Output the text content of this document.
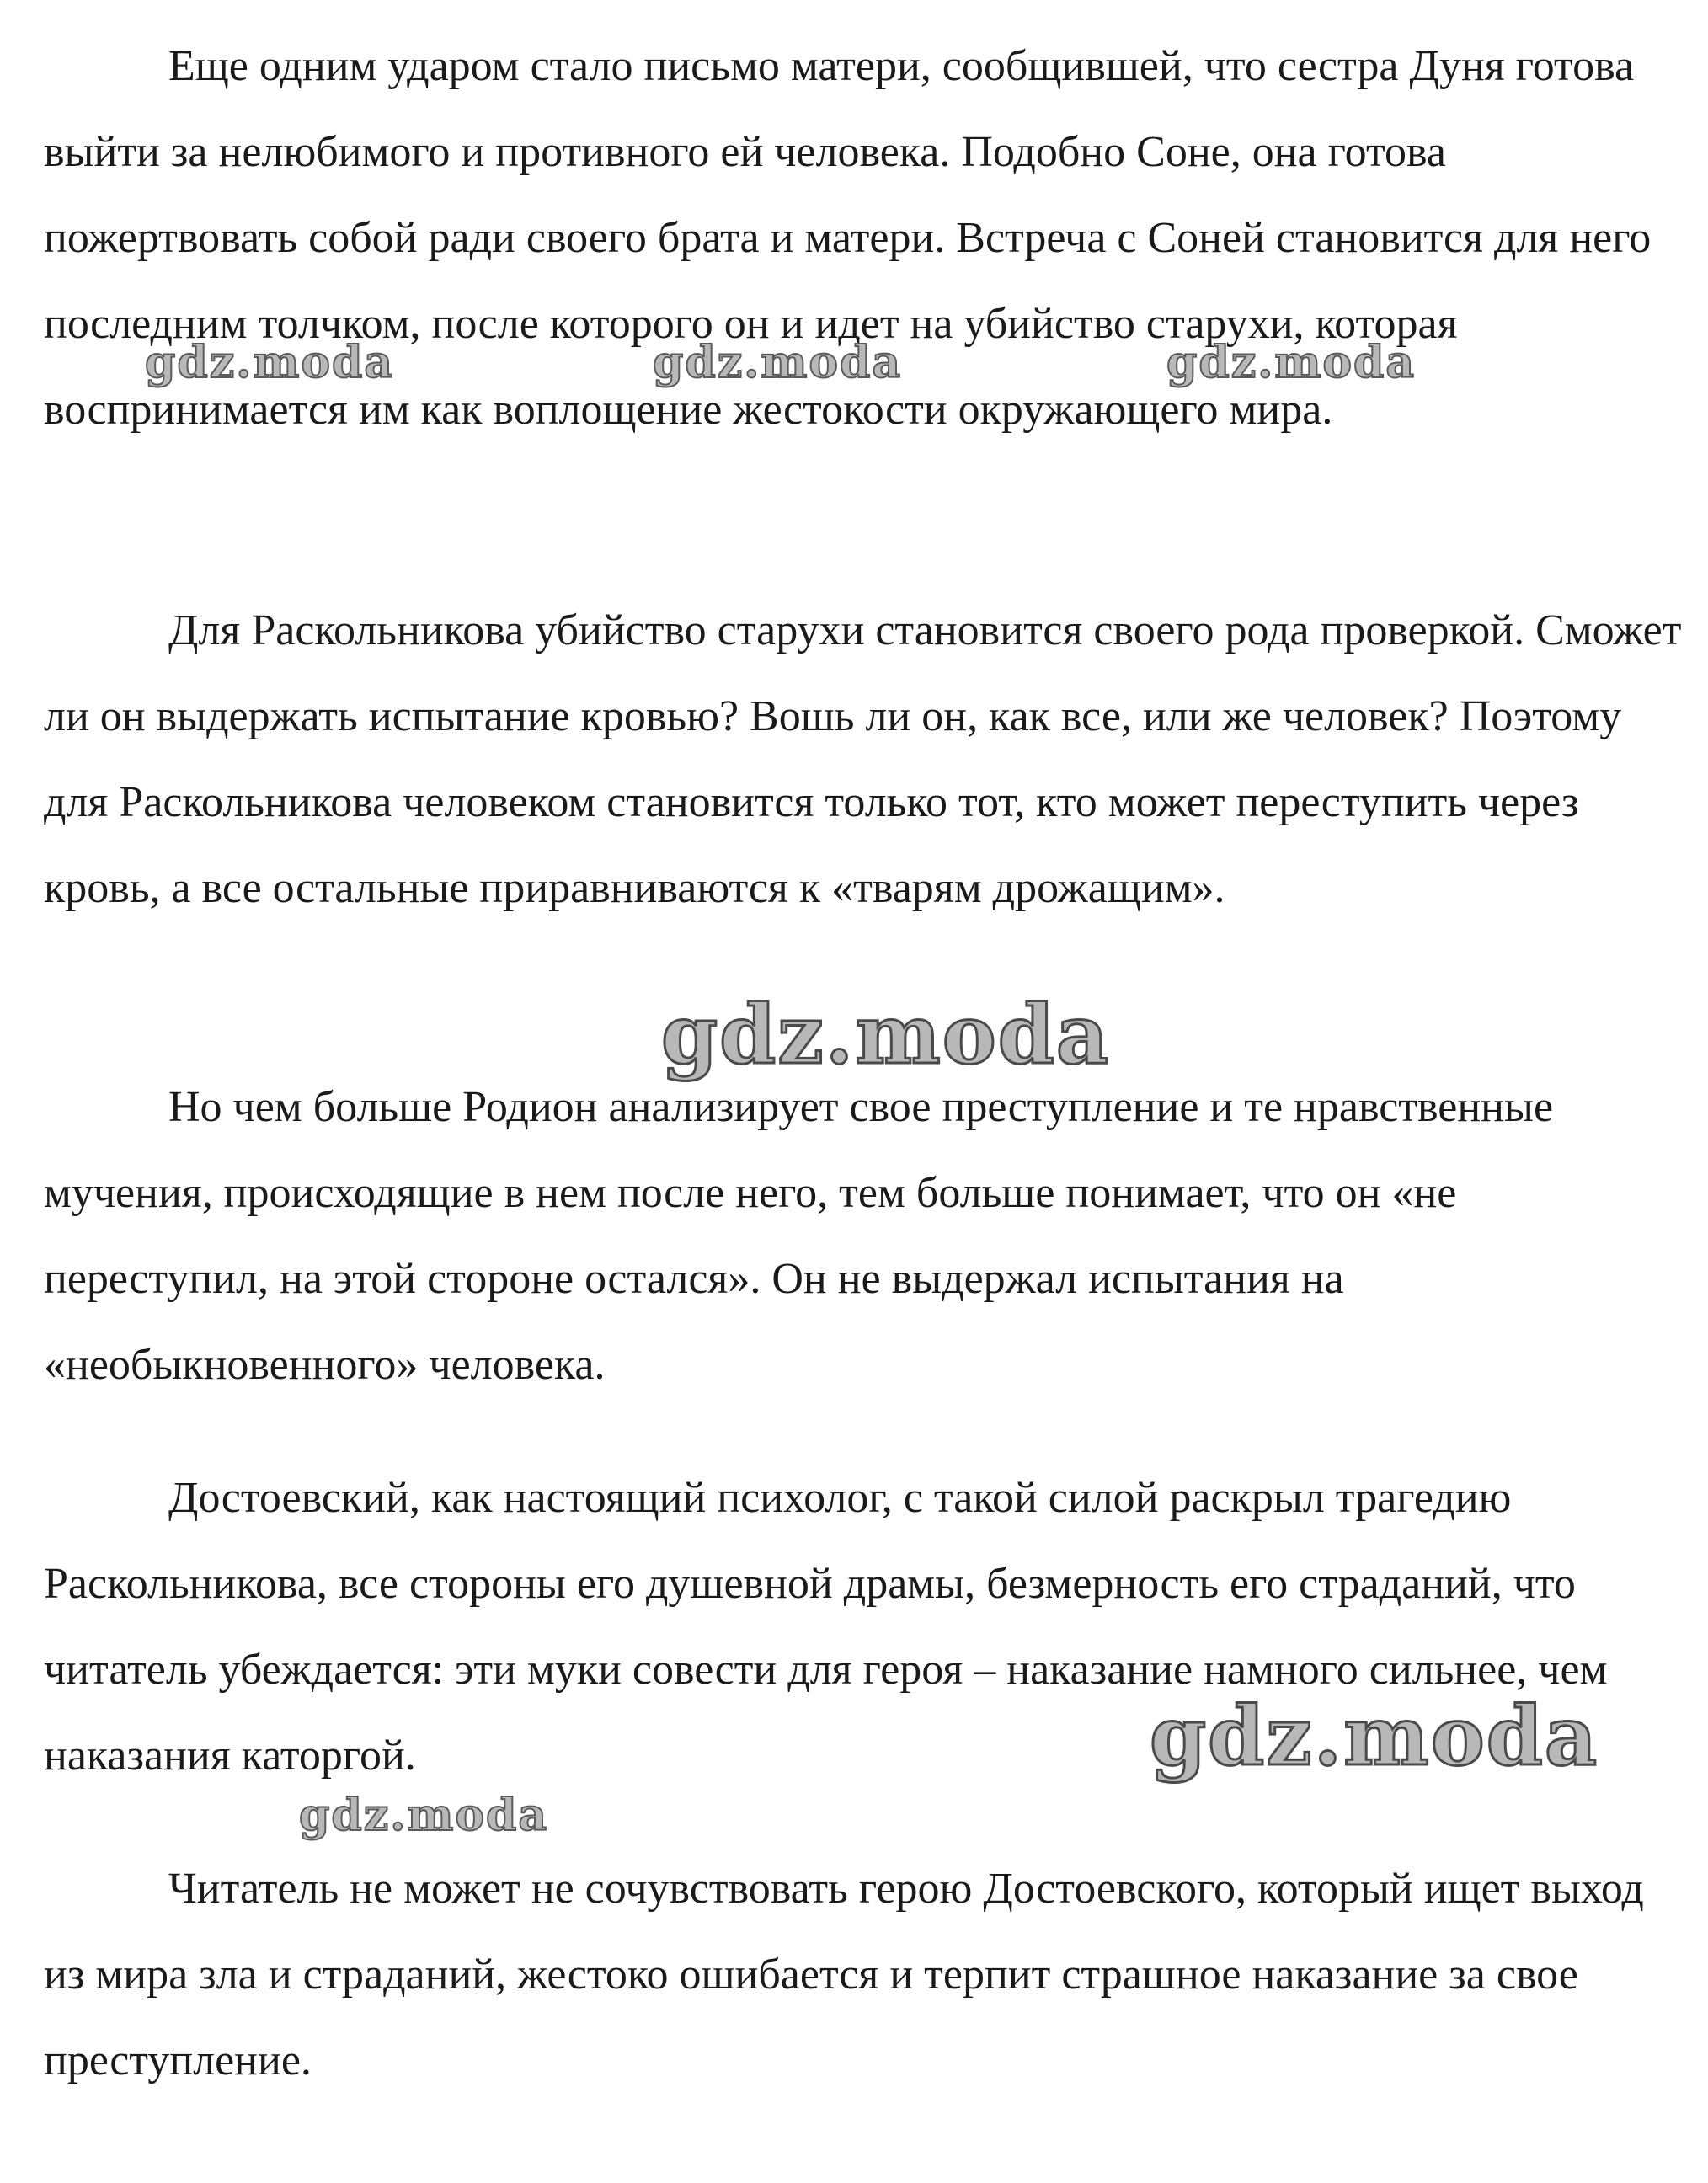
Еще одним ударом стало письмо матери, сообщившей, что сестра Дуня готова выйти за нелюбимого и противного ей человека. Подобно Соне, она готова пожертвовать собой ради своего брата и матери. Встреча с Соней становится для него последним толчком, после которого он и идет на убийство старухи, которая воспринимается им как воплощение жестокости окружающего мира.

Для Раскольникова убийство старухи становится своего рода проверкой. Сможет ли он выдержать испытание кровью? Вошь ли он, как все, или же человек? Поэтому для Раскольникова человеком становится только тот, кто может переступить через кровь, а все остальные приравниваются к «тварям дрожащим».

Но чем больше Родион анализирует свое преступление и те нравственные мучения, происходящие в нем после него, тем больше понимает, что он «не переступил, на этой стороне остался». Он не выдержал испытания на «необыкновенного» человека.

Достоевский, как настоящий психолог, с такой силой раскрыл трагедию Раскольникова, все стороны его душевной драмы, безмерность его страданий, что читатель убеждается: эти муки совести для героя – наказание намного сильнее, чем наказания каторгой.

Читатель не может не сочувствовать герою Достоевского, который ищет выход из мира зла и страданий, жестоко ошибается и терпит страшное наказание за свое преступление.

gdz.moda	gdz.moda	gdz.moda
gdz.moda
gdz.moda
gdz.moda
